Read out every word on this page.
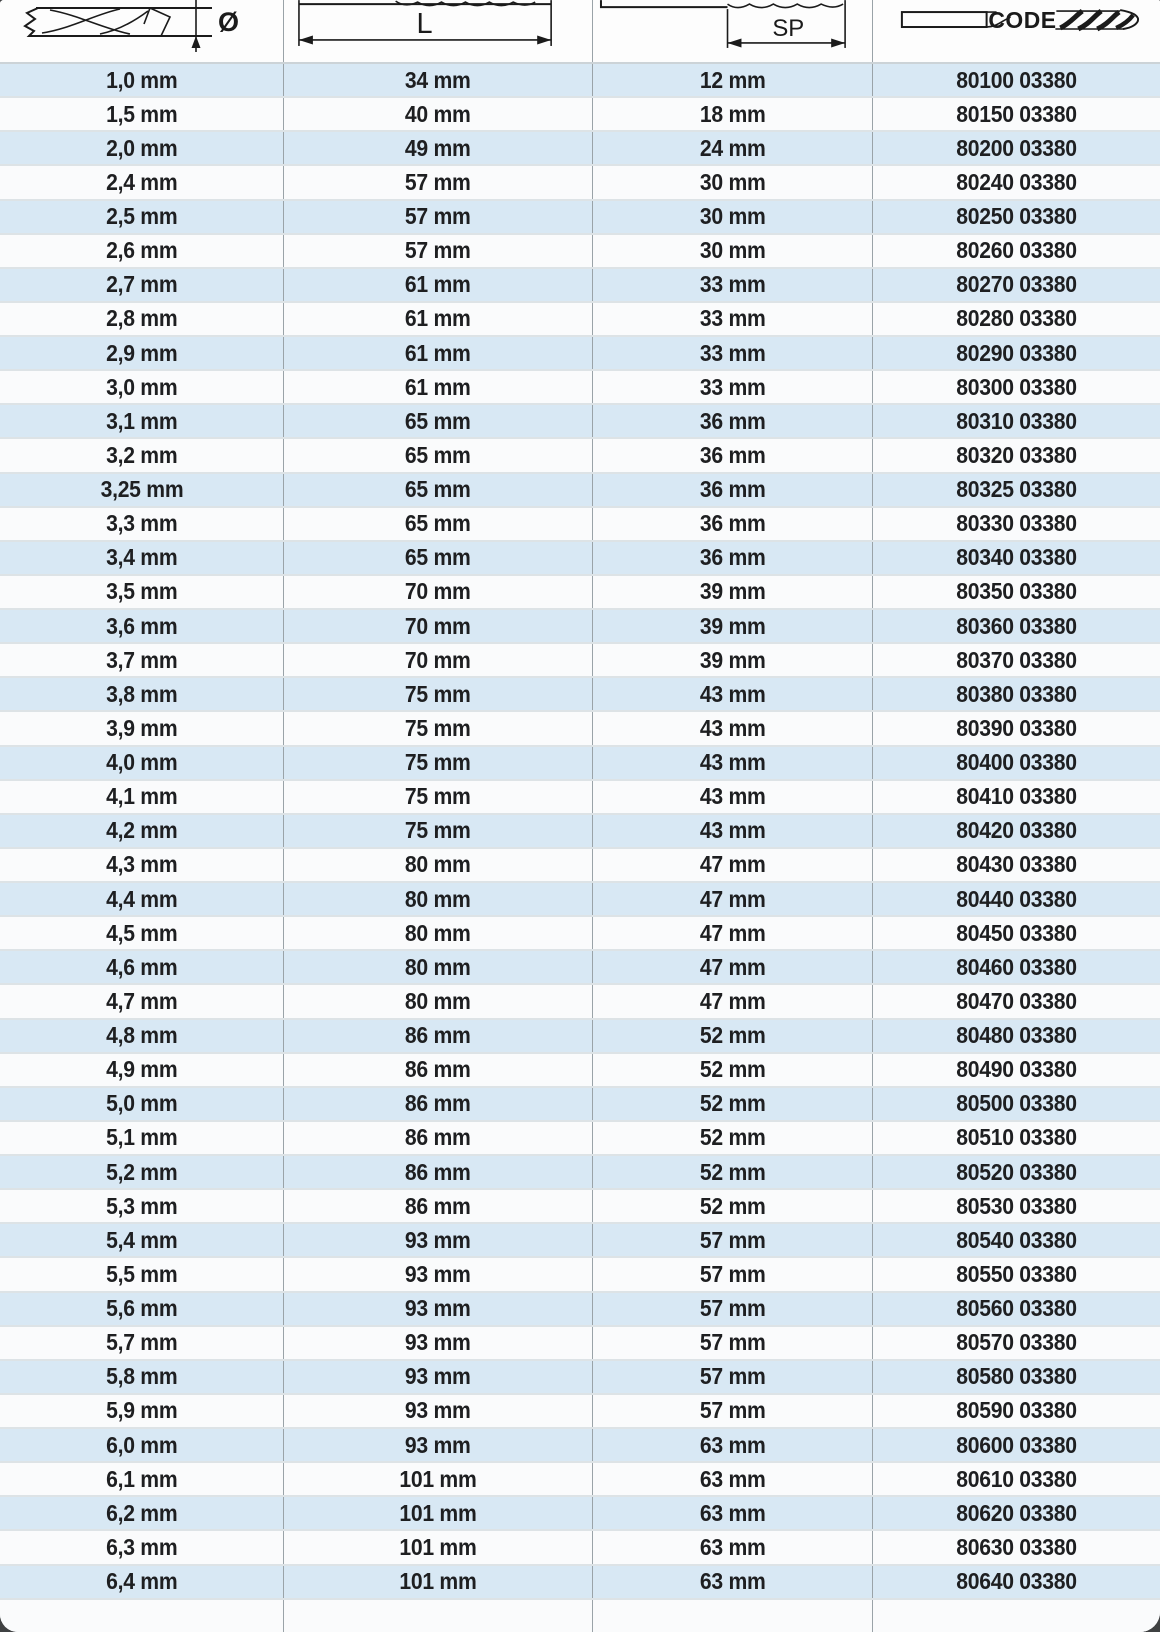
Ø	L	SP	CODE
1,0 mm	34 mm	12 mm	80100 03380
1,5 mm	40 mm	18 mm	80150 03380
2,0 mm	49 mm	24 mm	80200 03380
2,4 mm	57 mm	30 mm	80240 03380
2,5 mm	57 mm	30 mm	80250 03380
2,6 mm	57 mm	30 mm	80260 03380
2,7 mm	61 mm	33 mm	80270 03380
2,8 mm	61 mm	33 mm	80280 03380
2,9 mm	61 mm	33 mm	80290 03380
3,0 mm	61 mm	33 mm	80300 03380
3,1 mm	65 mm	36 mm	80310 03380
3,2 mm	65 mm	36 mm	80320 03380
3,25 mm	65 mm	36 mm	80325 03380
3,3 mm	65 mm	36 mm	80330 03380
3,4 mm	65 mm	36 mm	80340 03380
3,5 mm	70 mm	39 mm	80350 03380
3,6 mm	70 mm	39 mm	80360 03380
3,7 mm	70 mm	39 mm	80370 03380
3,8 mm	75 mm	43 mm	80380 03380
3,9 mm	75 mm	43 mm	80390 03380
4,0 mm	75 mm	43 mm	80400 03380
4,1 mm	75 mm	43 mm	80410 03380
4,2 mm	75 mm	43 mm	80420 03380
4,3 mm	80 mm	47 mm	80430 03380
4,4 mm	80 mm	47 mm	80440 03380
4,5 mm	80 mm	47 mm	80450 03380
4,6 mm	80 mm	47 mm	80460 03380
4,7 mm	80 mm	47 mm	80470 03380
4,8 mm	86 mm	52 mm	80480 03380
4,9 mm	86 mm	52 mm	80490 03380
5,0 mm	86 mm	52 mm	80500 03380
5,1 mm	86 mm	52 mm	80510 03380
5,2 mm	86 mm	52 mm	80520 03380
5,3 mm	86 mm	52 mm	80530 03380
5,4 mm	93 mm	57 mm	80540 03380
5,5 mm	93 mm	57 mm	80550 03380
5,6 mm	93 mm	57 mm	80560 03380
5,7 mm	93 mm	57 mm	80570 03380
5,8 mm	93 mm	57 mm	80580 03380
5,9 mm	93 mm	57 mm	80590 03380
6,0 mm	93 mm	63 mm	80600 03380
6,1 mm	101 mm	63 mm	80610 03380
6,2 mm	101 mm	63 mm	80620 03380
6,3 mm	101 mm	63 mm	80630 03380
6,4 mm	101 mm	63 mm	80640 03380
